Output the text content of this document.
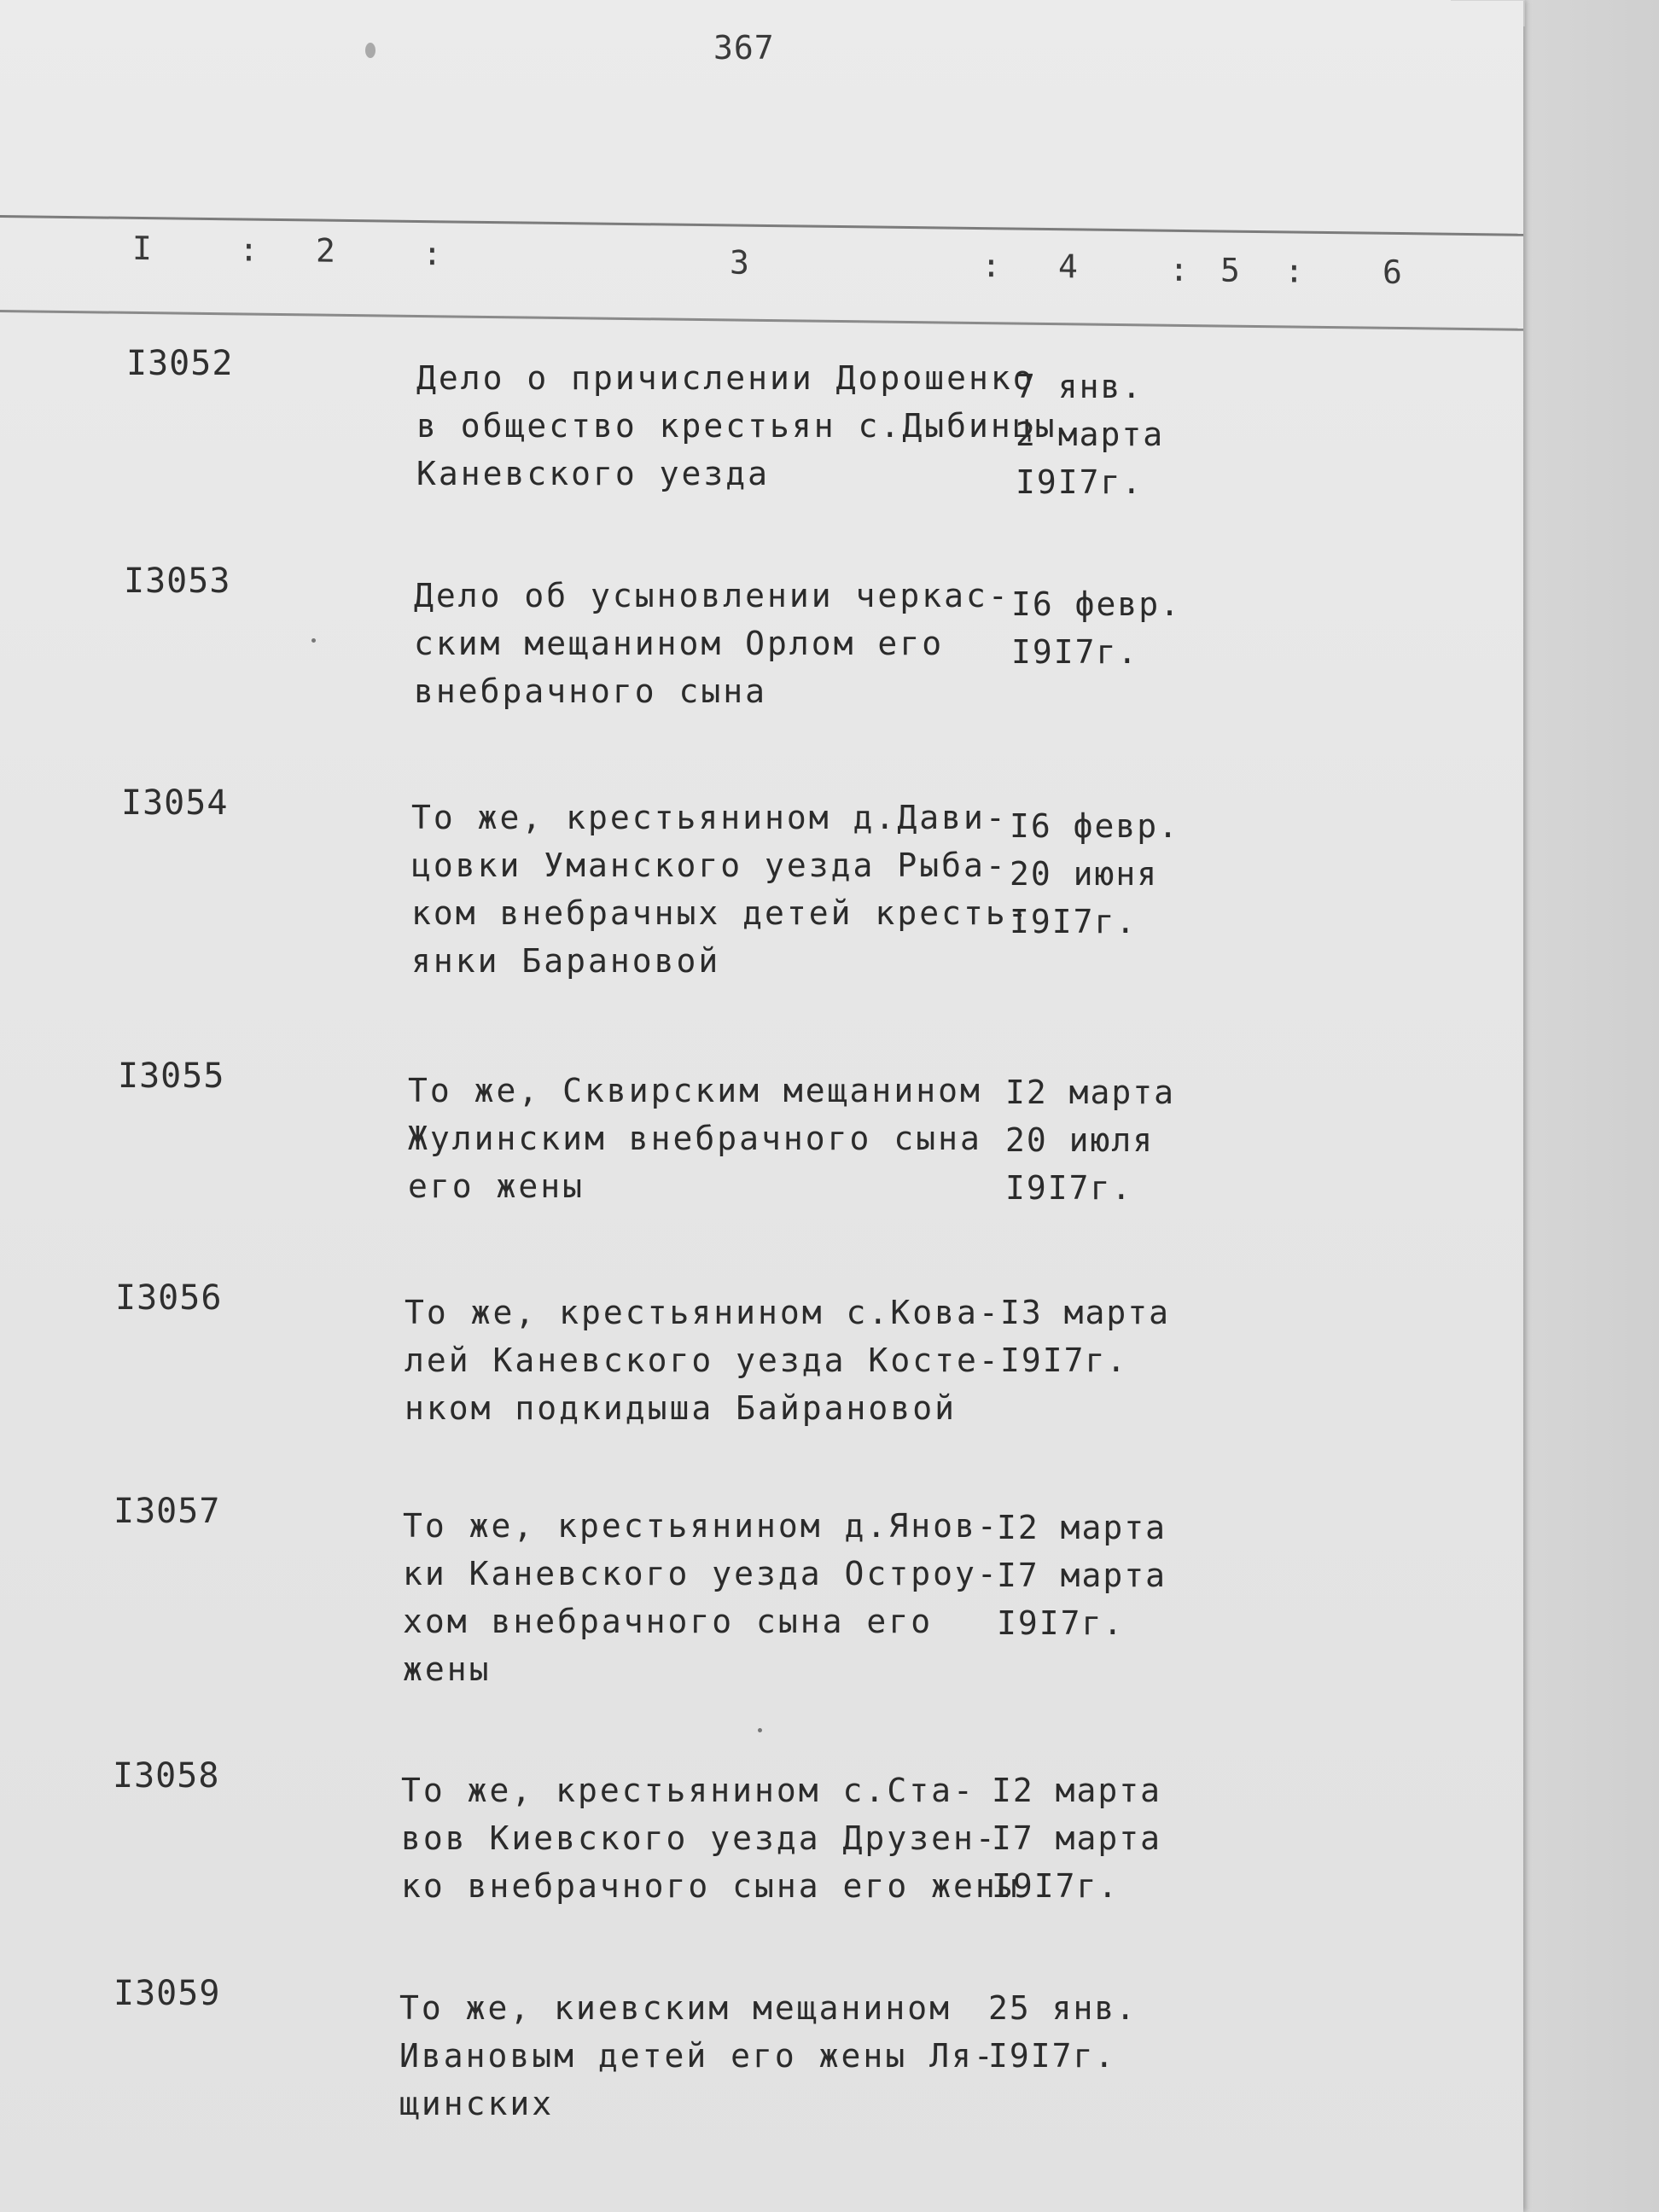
367
I	: 2	:	3	: 4	: 5 : 6
I3052	Дело о причислении Дорошенко
в общество крестьян с.Дыбинцы
Каневского уезда
7 янв.
2 марта
I9I7г.
I3053	Дело об усыновлении черкас-
ским мещанином Орлом его
внебрачного сына
I6 февр.
I9I7г.
I3054	То же, крестьянином д.Дави-
цовки Уманского уезда Рыба-
ком внебрачных детей кресть-
янки Барановой
I6 февр.
20 июня
I9I7г.
I3055	То же, Сквирским мещанином
Жулинским внебрачного сына
его жены
I2 марта
20 июля
I9I7г.
I3056	То же, крестьянином с.Кова-
лей Каневского уезда Косте-
нком подкидыша Байрановой
I3 марта
I9I7г.
I3057	То же, крестьянином д.Янов-
ки Каневского уезда Остроу-
хом внебрачного сына его
жены
I2 марта
I7 марта
I9I7г.
I3058	То же, крестьянином с.Ста-
вов Киевского уезда Друзен-
ко внебрачного сына его жены
I2 марта
I7 марта
I9I7г.
I3059	То же, киевским мещанином
Ивановым детей его жены Ля-
щинских
25 янв.
I9I7г.
